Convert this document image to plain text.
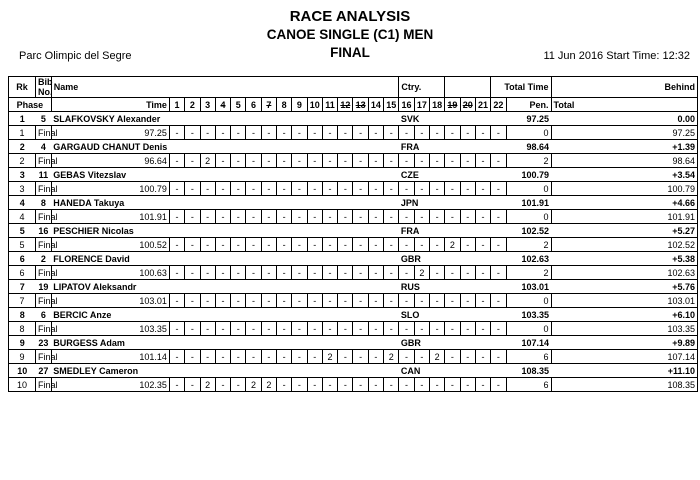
RACE ANALYSIS
CANOE SINGLE (C1) MEN
FINAL
Parc Olimpic del Segre	11 Jun 2016 Start Time: 12:32
Rk	Bib No.	Name																Ctry.						Total Time		Behind
Phase		Time	1	2	3	4	5	6	7	8	9	10	11	12	13	14	15	16	17	18	19	20	21	22	Pen.	Total
1	5	SLAFKOVSKY Alexander																SVK						97.25		0.00
1	Final	97.25	-	-	-	-	-	-	-	-	-	-	-	-	-	-	-	-	-	-	-	-	-	-	0	97.25
2	4	GARGAUD CHANUT Denis																FRA						98.64		+1.39
2	Final	96.64	-	-	2	-	-	-	-	-	-	-	-	-	-	-	-	-	-	-	-	-	-	-	2	98.64
3	11	GEBAS Vitezslav																CZE						100.79		+3.54
3	Final	100.79	-	-	-	-	-	-	-	-	-	-	-	-	-	-	-	-	-	-	-	-	-	-	0	100.79
4	8	HANEDA Takuya																JPN						101.91		+4.66
4	Final	101.91	-	-	-	-	-	-	-	-	-	-	-	-	-	-	-	-	-	-	-	-	-	-	0	101.91
5	16	PESCHIER Nicolas																FRA						102.52		+5.27
5	Final	100.52	-	-	-	-	-	-	-	-	-	-	-	-	-	-	-	-	-	-	2	-	-	-	2	102.52
6	2	FLORENCE David																GBR						102.63		+5.38
6	Final	100.63	-	-	-	-	-	-	-	-	-	-	-	-	-	-	-	-	2	-	-	-	-	-	2	102.63
7	19	LIPATOV Aleksandr																RUS						103.01		+5.76
7	Final	103.01	-	-	-	-	-	-	-	-	-	-	-	-	-	-	-	-	-	-	-	-	-	-	0	103.01
8	6	BERCIC Anze																SLO						103.35		+6.10
8	Final	103.35	-	-	-	-	-	-	-	-	-	-	-	-	-	-	-	-	-	-	-	-	-	-	0	103.35
9	23	BURGESS Adam																GBR						107.14		+9.89
9	Final	101.14	-	-	-	-	-	-	-	-	-	-	2	-	-	-	2	-	-	2	-	-	-	-	6	107.14
10	27	SMEDLEY Cameron																CAN						108.35		+11.10
10	Final	102.35	-	-	2	-	-	2	2	-	-	-	-	-	-	-	-	-	-	-	-	-	-	-	6	108.35
